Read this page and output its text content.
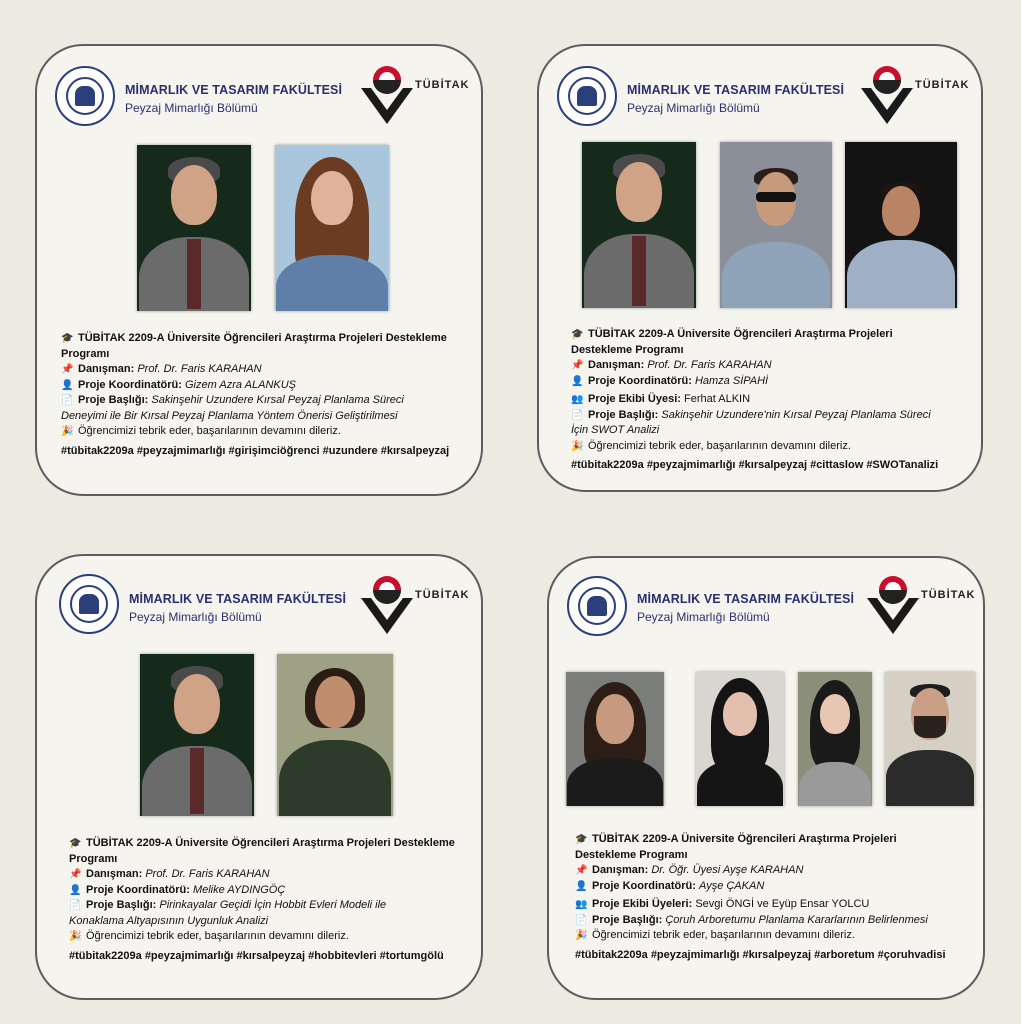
MİMARLIK VE TASARIM FAKÜLTESİ
Peyzaj Mimarlığı Bölümü
TÜBİTAK
🎓 TÜBİTAK 2209-A Üniversite Öğrencileri Araştırma Projeleri Destekleme
Programı
📌 Danışman: Prof. Dr. Faris KARAHAN
👤 Proje Koordinatörü: Gizem Azra ALANKUŞ
📄 Proje Başlığı: Sakinşehir Uzundere Kırsal Peyzaj Planlama Süreci
Deneyimi ile Bir Kırsal Peyzaj Planlama Yöntem Önerisi Geliştirilmesi
🎉 Öğrencimizi tebrik eder, başarılarının devamını dileriz.
#tübitak2209a #peyzajmimarlığı #girişimciöğrenci #uzundere #kırsalpeyzaj
MİMARLIK VE TASARIM FAKÜLTESİ
Peyzaj Mimarlığı Bölümü
TÜBİTAK
🎓 TÜBİTAK 2209-A Üniversite Öğrencileri Araştırma Projeleri
Destekleme Programı
📌 Danışman: Prof. Dr. Faris KARAHAN
👤 Proje Koordinatörü: Hamza SİPAHİ
👥 Proje Ekibi Üyesi: Ferhat ALKIN
📄 Proje Başlığı: Sakinşehir Uzundere'nin Kırsal Peyzaj Planlama Süreci
İçin SWOT Analizi
🎉 Öğrencimizi tebrik eder, başarılarının devamını dileriz.
#tübitak2209a #peyzajmimarlığı #kırsalpeyzaj #cittaslow #SWOTanalizi
MİMARLIK VE TASARIM FAKÜLTESİ
Peyzaj Mimarlığı Bölümü
TÜBİTAK
🎓 TÜBİTAK 2209-A Üniversite Öğrencileri Araştırma Projeleri Destekleme
Programı
📌 Danışman: Prof. Dr. Faris KARAHAN
👤 Proje Koordinatörü: Melike AYDINGÖÇ
📄 Proje Başlığı: Pirinkayalar Geçidi İçin Hobbit Evleri Modeli ile
Konaklama Altyapısının Uygunluk Analizi
🎉 Öğrencimizi tebrik eder, başarılarının devamını dileriz.
#tübitak2209a #peyzajmimarlığı #kırsalpeyzaj #hobbitevleri #tortumgölü
MİMARLIK VE TASARIM FAKÜLTESİ
Peyzaj Mimarlığı Bölümü
TÜBİTAK
🎓 TÜBİTAK 2209-A Üniversite Öğrencileri Araştırma Projeleri
Destekleme Programı
📌 Danışman: Dr. Öğr. Üyesi Ayşe KARAHAN
👤 Proje Koordinatörü: Ayşe ÇAKAN
👥 Proje Ekibi Üyeleri: Sevgi ÖNGİ ve Eyüp Ensar YOLCU
📄 Proje Başlığı: Çoruh Arboretumu Planlama Kararlarının Belirlenmesi
🎉 Öğrencimizi tebrik eder, başarılarının devamını dileriz.
#tübitak2209a #peyzajmimarlığı #kırsalpeyzaj #arboretum #çoruhvadisi
